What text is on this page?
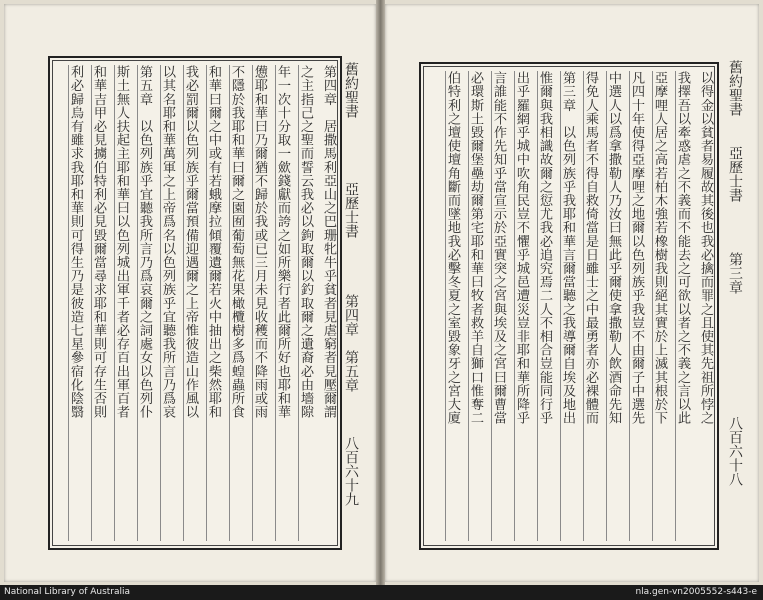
舊約聖書
亞歷士書
第四章　第五章
八百六十九
第四章　居撒馬利亞山之巴珊牝牛乎貧者見虐窮者見壓爾謂
之主指己之聖而誓云我必以鉤取爾以釣取爾之遺裔必由墻隙
年一次十分取一歛錢獻而誇之如所樂行者此爾所好也耶和華
憊耶和華曰乃爾猶不歸於我或已三月未見收穫而不降雨或雨
不隱於我耶和華曰爾之園囿葡萄無花果橄欖樹多爲蝗蟲所食
和華曰爾之中或有若蛾摩拉傾覆遺爾若火中抽出之柴然耶和
我必罰爾以色列族乎爾當預備迎遇爾之上帝惟彼造山作風以
以其名耶和華萬軍之上帝爲名以色列族乎宜聽我所言乃爲哀
第五章　以色列族乎宜聽我所言乃爲哀爾之詞處女以色列仆
斯土無人扶起主耶和華曰以色列城出軍千者必存百出軍百者
和華吉甲必見擄伯特利必見毀爾當尋求耶和華則可存生否則
利必歸烏有雖求我耶和華則可得生乃是彼造七星參宿化陰翳	舊約聖書
亞歷士書
第三章
八百六十八
以得金以貧者易履故其後也我必擒而罪之且使其先祖所悖之
我擇吾以牽惑虐之不義而不能去之可欲以者之不義之言以此
亞摩哩人居之高若柏木強若橡樹我則絕其實於上滅其根於下
凡四十年使得亞摩哩之地爾以色列族乎我豈不由爾子中選先
中選人以爲拿撒勒人乃汝曰無此乎爾使拿撒勒人飲酒命先知
得免人乘馬者不得自救倚當是日雖士之中最勇者亦必裸體而
第三章　以色列族乎我耶和華言爾當聽之我導爾自埃及地出
惟爾與我相識故爾之愆尤我必追究焉二人不相合豈能同行乎
出乎羅網乎城中吹角民豈不懼乎城邑遭災豈非耶和華所降乎
言誰能不作先知乎當宣示於亞實突之宮與埃及之宮曰爾曹當
必環斯土毀爾堡壘劫爾第宅耶和華曰牧者救羊自獅口惟奪二
伯特利之壇使壇角斷而墜地我必擊冬夏之室毀象牙之宮大廈
National Library of Australia	nla.gen-vn2005552-s443-e
